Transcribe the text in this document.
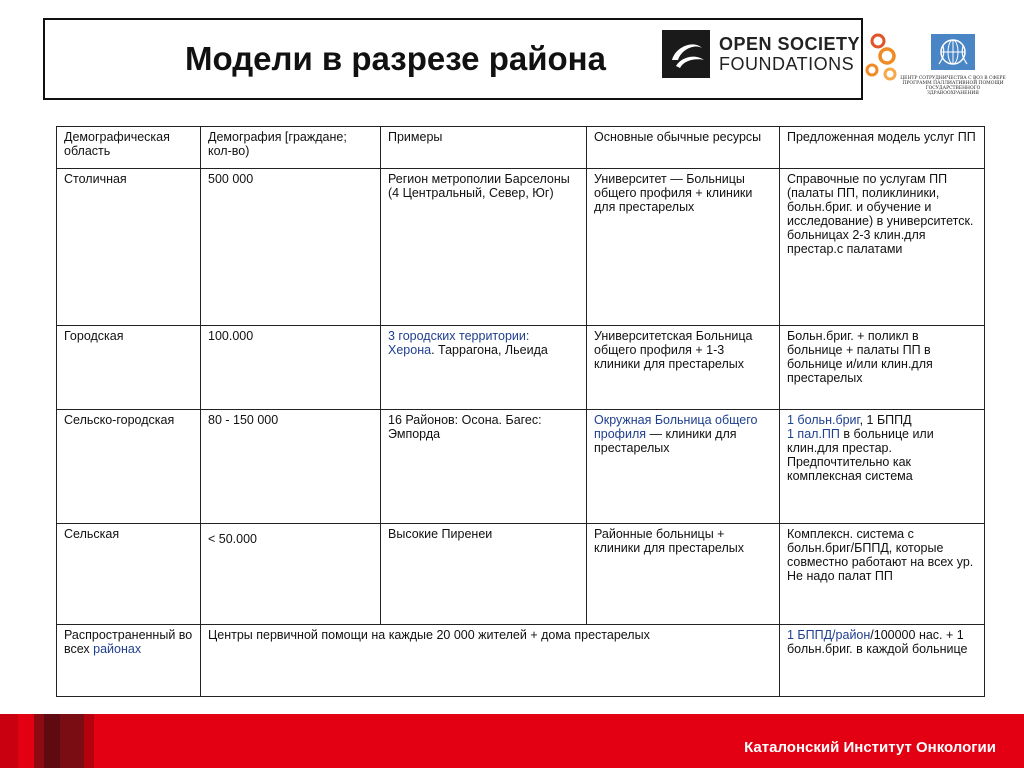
Модели в разрезе района	OPEN SOCIETY
FOUNDATIONS
ЦЕНТР СОТРУДНИЧЕСТВА С ВОЗ В СФЕРЕ ПРОГРАММ ПАЛЛИАТИВНОЙ ПОМОЩИ ГОСУДАРСТВЕННОГО ЗДРАВООХРАНЕНИЯ
Демографическая область	Демография [граждане; кол-во)	Примеры	Основные обычные ресурсы	Предложенная модель услуг ПП
Столичная	500 000	Регион метрополии Барселоны (4 Центральный, Север, Юг)	Университет — Больницы общего профиля + клиники для престарелых	Справочные по услугам ПП (палаты ПП, поликлиники, больн.бриг. и обучение и исследование) в университетск. больницах 2-3 клин.для престар.с палатами
Городская	100.000	3 городских территории: Херона. Таррагона, Льеида	Университетская Больница общего профиля + 1-3 клиники для престарелых	Больн.бриг. + поликл в больнице + палаты ПП в больнице и/или клин.для престарелых
Сельско-городская	80 - 150 000	16 Районов: Осона. Багес: Эмпорда	Окружная Больница общего профиля — клиники для престарелых	1 больн.бриг, 1 БППД
1 пал.ПП в больнице или клин.для престар. Предпочтительно как комплексная система
Сельская	< 50.000	Высокие Пиренеи	Районные больницы + клиники для престарелых	Комплексн. система с больн.бриг/БППД, которые совместно работают на всех ур. Не надо палат ПП
Распространенный во всех районах	Центры первичной помощи на каждые 20 000 жителей + дома престарелых			1 БППД/район/100000 нас. + 1 больн.бриг. в каждой больнице
Каталонский Институт Онкологии
